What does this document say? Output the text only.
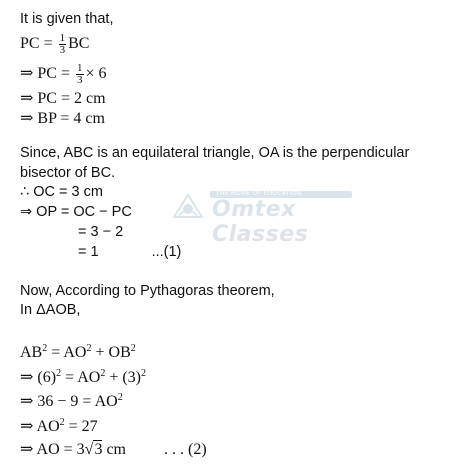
THE HOME OF EDUCATION
Omtex Classes
It is given that,
PC = $\frac{1}{3}$ BC
⇒ PC = $\frac{1}{3} \times 6$
⇒ PC = 2 cm
⇒ BP = 4 cm
Since, ABC is an equilateral triangle, OA is the perpendicular
bisector of BC.
∴ OC = 3 cm
⇒ OP = OC − PC
= 3 − 2
= 1	...(1)
Now, According to Pythagoras theorem,
In ΔAOB,
$AB^2 = AO^2 + OB^2$
⇒ $(6)^2 = AO^2 + (3)^2$
⇒ $36 - 9 = AO^2$
⇒ $AO^2 = 27$
⇒ AO = 3√3 cm . . . (2)
